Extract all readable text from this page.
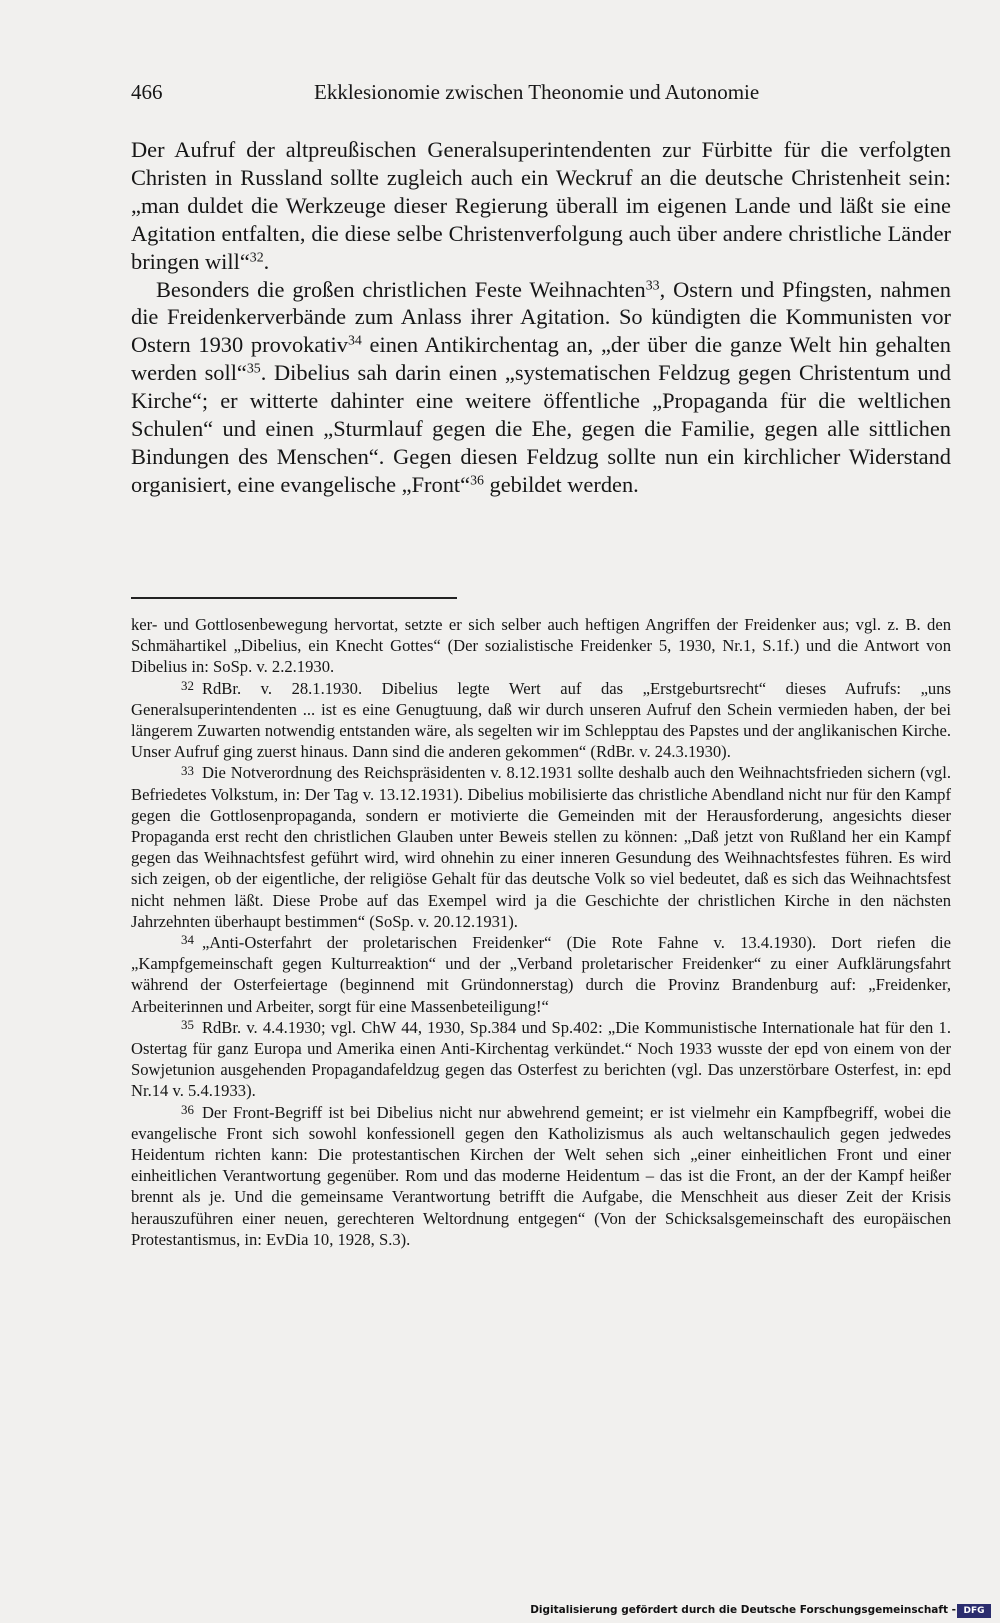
466	Ekklesionomie zwischen Theonomie und Autonomie

Der Aufruf der altpreußischen Generalsuperintendenten zur Fürbitte für die verfolgten Christen in Russland sollte zugleich auch ein Weckruf an die deutsche Christenheit sein: „man duldet die Werkzeuge dieser Regierung überall im eigenen Lande und läßt sie eine Agitation entfalten, die diese selbe Christenverfolgung auch über andere christliche Länder bringen will“$^{32}$.

Besonders die großen christlichen Feste Weihnachten$^{33}$, Ostern und Pfingsten, nahmen die Freidenkerverbände zum Anlass ihrer Agitation. So kündigten die Kommunisten vor Ostern 1930 provokativ$^{34}$ einen Antikirchentag an, „der über die ganze Welt hin gehalten werden soll“$^{35}$. Dibelius sah darin einen „systematischen Feldzug gegen Christentum und Kirche“; er witterte dahinter eine weitere öffentliche „Propaganda für die weltlichen Schulen“ und einen „Sturmlauf gegen die Ehe, gegen die Familie, gegen alle sittlichen Bindungen des Menschen“. Gegen diesen Feldzug sollte nun ein kirchlicher Widerstand organisiert, eine evangelische „Front“$^{36}$ gebildet werden.

ker- und Gottlosenbewegung hervortat, setzte er sich selber auch heftigen Angriffen der Freidenker aus; vgl. z. B. den Schmähartikel „Dibelius, ein Knecht Gottes“ (Der sozialistische Freidenker 5, 1930, Nr.1, S.1f.) und die Antwort von Dibelius in: SoSp. v. 2.2.1930.

32 RdBr. v. 28.1.1930. Dibelius legte Wert auf das „Erstgeburtsrecht“ dieses Aufrufs: „uns Generalsuperintendenten ... ist es eine Genugtuung, daß wir durch unseren Aufruf den Schein vermieden haben, der bei längerem Zuwarten notwendig entstanden wäre, als segelten wir im Schlepptau des Papstes und der anglikanischen Kirche. Unser Aufruf ging zuerst hinaus. Dann sind die anderen gekommen“ (RdBr. v. 24.3.1930).

33 Die Notverordnung des Reichspräsidenten v. 8.12.1931 sollte deshalb auch den Weihnachtsfrieden sichern (vgl. Befriedetes Volkstum, in: Der Tag v. 13.12.1931). Dibelius mobilisierte das christliche Abendland nicht nur für den Kampf gegen die Gottlosenpropaganda, sondern er motivierte die Gemeinden mit der Herausforderung, angesichts dieser Propaganda erst recht den christlichen Glauben unter Beweis stellen zu können: „Daß jetzt von Rußland her ein Kampf gegen das Weihnachtsfest geführt wird, wird ohnehin zu einer inneren Gesundung des Weihnachtsfestes führen. Es wird sich zeigen, ob der eigentliche, der religiöse Gehalt für das deutsche Volk so viel bedeutet, daß es sich das Weihnachtsfest nicht nehmen läßt. Diese Probe auf das Exempel wird ja die Geschichte der christlichen Kirche in den nächsten Jahrzehnten überhaupt bestimmen“ (SoSp. v. 20.12.1931).

34 „Anti-Osterfahrt der proletarischen Freidenker“ (Die Rote Fahne v. 13.4.1930). Dort riefen die „Kampfgemeinschaft gegen Kulturreaktion“ und der „Verband proletarischer Freidenker“ zu einer Aufklärungsfahrt während der Osterfeiertage (beginnend mit Gründonnerstag) durch die Provinz Brandenburg auf: „Freidenker, Arbeiterinnen und Arbeiter, sorgt für eine Massenbeteiligung!“

35 RdBr. v. 4.4.1930; vgl. ChW 44, 1930, Sp.384 und Sp.402: „Die Kommunistische Internationale hat für den 1. Ostertag für ganz Europa und Amerika einen Anti-Kirchentag verkündet.“ Noch 1933 wusste der epd von einem von der Sowjetunion ausgehenden Propagandafeldzug gegen das Osterfest zu berichten (vgl. Das unzerstörbare Osterfest, in: epd Nr.14 v. 5.4.1933).

36 Der Front-Begriff ist bei Dibelius nicht nur abwehrend gemeint; er ist vielmehr ein Kampfbegriff, wobei die evangelische Front sich sowohl konfessionell gegen den Katholizismus als auch weltanschaulich gegen jedwedes Heidentum richten kann: Die protestantischen Kirchen der Welt sehen sich „einer einheitlichen Front und einer einheitlichen Verantwortung gegenüber. Rom und das moderne Heidentum – das ist die Front, an der der Kampf heißer brennt als je. Und die gemeinsame Verantwortung betrifft die Aufgabe, die Menschheit aus dieser Zeit der Krisis herauszuführen einer neuen, gerechteren Weltordnung entgegen“ (Von der Schicksalsgemeinschaft des europäischen Protestantismus, in: EvDia 10, 1928, S.3).

Digitalisierung gefördert durch die Deutsche Forschungsgemeinschaft - DFG
